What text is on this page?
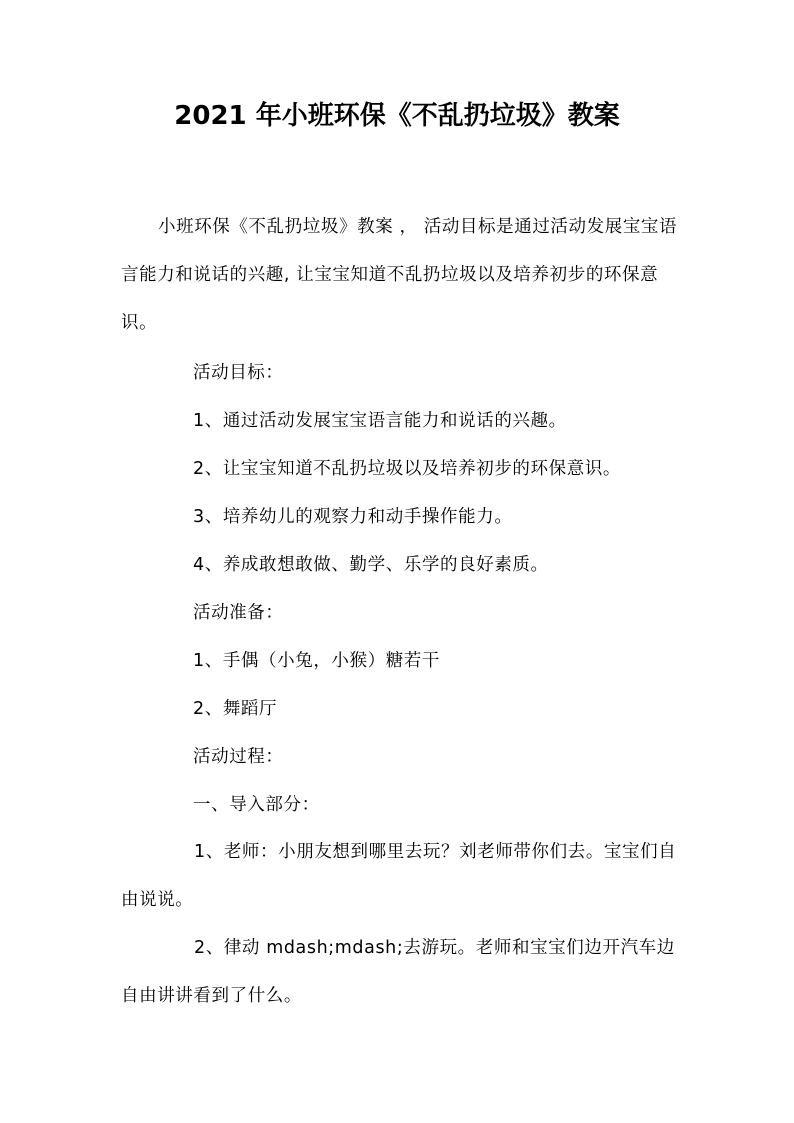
2021 年小班环保《不乱扔垃圾》教案

小班环保《不乱扔垃圾》教案 ， 活动目标是通过活动发展宝宝语言能力和说话的兴趣, 让宝宝知道不乱扔垃圾以及培养初步的环保意识。

活动目标：
1、通过活动发展宝宝语言能力和说话的兴趣。
2、让宝宝知道不乱扔垃圾以及培养初步的环保意识。
3、培养幼儿的观察力和动手操作能力。
4、养成敢想敢做、勤学、乐学的良好素质。
活动准备：
1、手偶（小兔，小猴）糖若干
2、舞蹈厅
活动过程：
一、导入部分：

1、老师：小朋友想到哪里去玩？刘老师带你们去。宝宝们自由说说。

2、律动 mdash;mdash;去游玩。老师和宝宝们边开汽车边自由讲讲看到了什么。
